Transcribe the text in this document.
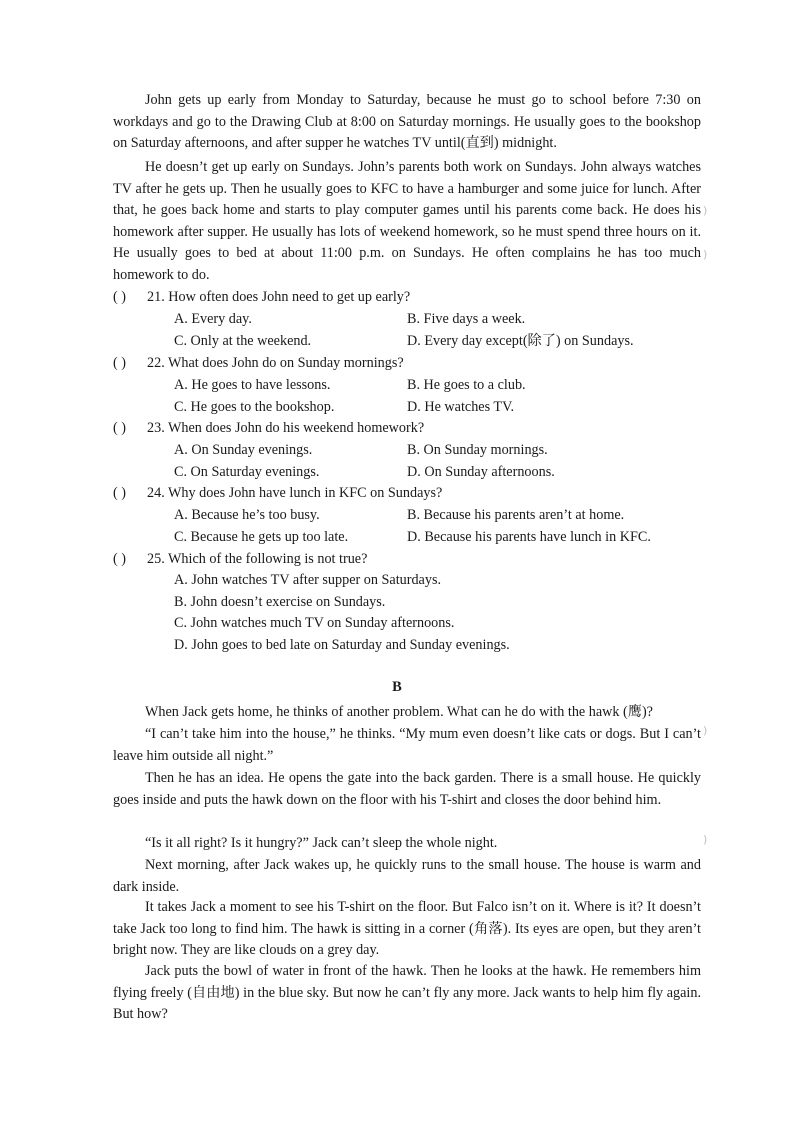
John gets up early from Monday to Saturday, because he must go to school before 7:30 on workdays and go to the Drawing Club at 8:00 on Saturday mornings. He usually goes to the bookshop on Saturday afternoons, and after supper he watches TV until(直到) midnight.

He doesn’t get up early on Sundays. John’s parents both work on Sundays. John always watches TV after he gets up. Then he usually goes to KFC to have a hamburger and some juice for lunch. After that, he goes back home and starts to play computer games until his parents come back. He does his homework after supper. He usually has lots of weekend homework, so he must spend three hours on it. He usually goes to bed at about 11:00 p.m. on Sundays. He often complains he has too much homework to do.

( ) 21. How often does John need to get up early?
A. Every day.	B. Five days a week.
C. Only at the weekend.	D. Every day except(除了) on Sundays.
( ) 22. What does John do on Sunday mornings?
A. He goes to have lessons.	B. He goes to a club.
C. He goes to the bookshop.	D. He watches TV.
( ) 23. When does John do his weekend homework?
A. On Sunday evenings.	B. On Sunday mornings.
C. On Saturday evenings.	D. On Sunday afternoons.
( ) 24. Why does John have lunch in KFC on Sundays?
A. Because he’s too busy.	B. Because his parents aren’t at home.
C. Because he gets up too late.	D. Because his parents have lunch in KFC.
( ) 25. Which of the following is not true?
A. John watches TV after supper on Saturdays.
B. John doesn’t exercise on Sundays.
C. John watches much TV on Sunday afternoons.
D. John goes to bed late on Saturday and Sunday evenings.
B

When Jack gets home, he thinks of another problem. What can he do with the hawk (鹰)?

“I can’t take him into the house,” he thinks. “My mum even doesn’t like cats or dogs. But I can’t leave him outside all night.”

Then he has an idea. He opens the gate into the back garden. There is a small house. He quickly goes inside and puts the hawk down on the floor with his T-shirt and closes the door behind him.

“Is it all right? Is it hungry?” Jack can’t sleep the whole night.

Next morning, after Jack wakes up, he quickly runs to the small house. The house is warm and dark inside.

It takes Jack a moment to see his T-shirt on the floor. But Falco isn’t on it. Where is it? It doesn’t take Jack too long to find him. The hawk is sitting in a corner (角落). Its eyes are open, but they aren’t bright now. They are like clouds on a grey day.

Jack puts the bowl of water in front of the hawk. Then he looks at the hawk. He remembers him flying freely (自由地) in the blue sky. But now he can’t fly any more. Jack wants to help him fly again. But how?

)
)
)
)
